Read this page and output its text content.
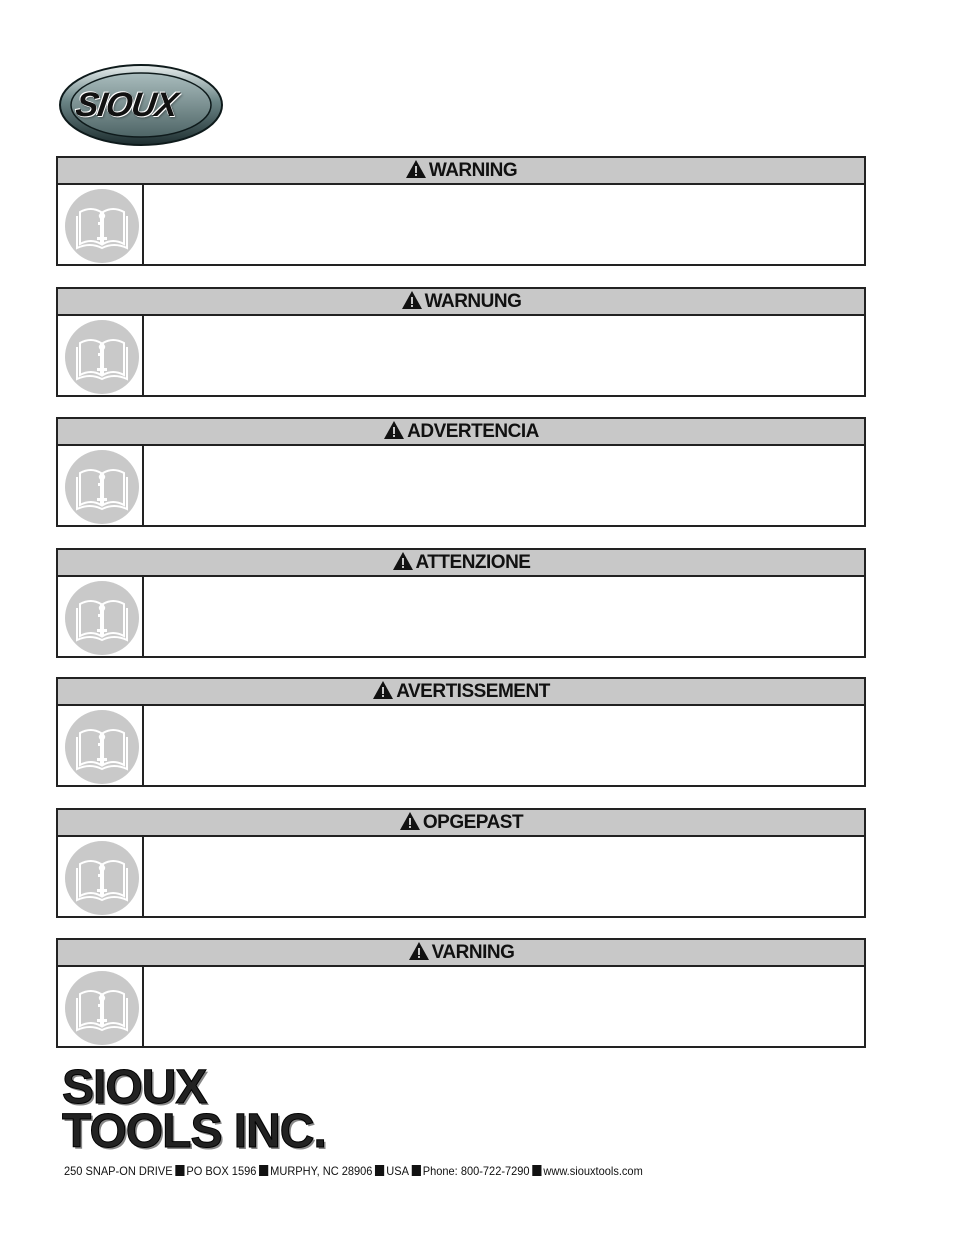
SIOUX
WARNING
WARNUNG
ADVERTENCIA
ATTENZIONE
AVERTISSEMENT
OPGEPAST
VARNING
SIOUX
TOOLS INC.
250 SNAP-ON DRIVE PO BOX 1596 MURPHY, NC 28906 USA Phone: 800-722-7290 www.siouxtools.com
